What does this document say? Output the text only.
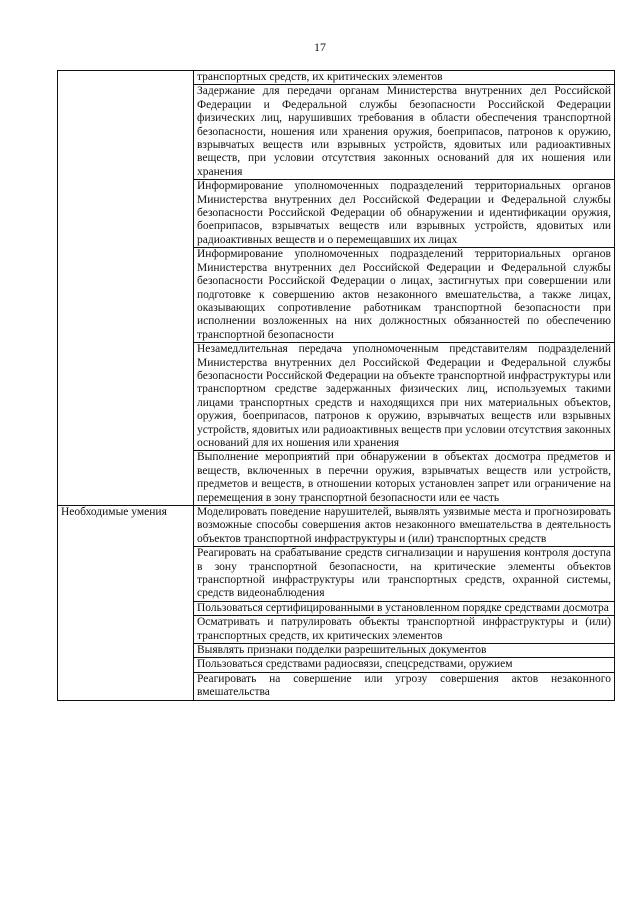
17
	транспортных средств, их критических элементов
	Задержание для передачи органам Министерства внутренних дел Российской Федерации и Федеральной службы безопасности Российской Федерации физических лиц, нарушивших требования в области обеспечения транспортной безопасности, ношения или хранения оружия, боеприпасов, патронов к оружию, взрывчатых веществ или взрывных устройств, ядовитых или радиоактивных веществ, при условии отсутствия законных оснований для их ношения или хранения
	Информирование уполномоченных подразделений территориальных органов Министерства внутренних дел Российской Федерации и Федеральной службы безопасности Российской Федерации об обнаружении и идентификации оружия, боеприпасов, взрывчатых веществ или взрывных устройств, ядовитых или радиоактивных веществ и о перемещавших их лицах
	Информирование уполномоченных подразделений территориальных органов Министерства внутренних дел Российской Федерации и Федеральной службы безопасности Российской Федерации о лицах, застигнутых при совершении или подготовке к совершению актов незаконного вмешательства, а также лицах, оказывающих сопротивление работникам транспортной безопасности при исполнении возложенных на них должностных обязанностей по обеспечению транспортной безопасности
	Незамедлительная передача уполномоченным представителям подразделений Министерства внутренних дел Российской Федерации и Федеральной службы безопасности Российской Федерации на объекте транспортной инфраструктуры или транспортном средстве задержанных физических лиц, используемых такими лицами транспортных средств и находящихся при них материальных объектов, оружия, боеприпасов, патронов к оружию, взрывчатых веществ или взрывных устройств, ядовитых или радиоактивных веществ при условии отсутствия законных оснований для их ношения или хранения
	Выполнение мероприятий при обнаружении в объектах досмотра предметов и веществ, включенных в перечни оружия, взрывчатых веществ или устройств, предметов и веществ, в отношении которых установлен запрет или ограничение на перемещения в зону транспортной безопасности или ее часть

Необходимые умения	Моделировать поведение нарушителей, выявлять уязвимые места и прогнозировать возможные способы совершения актов незаконного вмешательства в деятельность объектов транспортной инфраструктуры и (или) транспортных средств
	Реагировать на срабатывание средств сигнализации и нарушения контроля доступа в зону транспортной безопасности, на критические элементы объектов транспортной инфраструктуры или транспортных средств, охранной системы, средств видеонаблюдения
	Пользоваться сертифицированными в установленном порядке средствами досмотра
	Осматривать и патрулировать объекты транспортной инфраструктуры и (или) транспортных средств, их критических элементов
	Выявлять признаки подделки разрешительных документов
	Пользоваться средствами радиосвязи, спецсредствами, оружием
	Реагировать на совершение или угрозу совершения актов незаконного вмешательства
